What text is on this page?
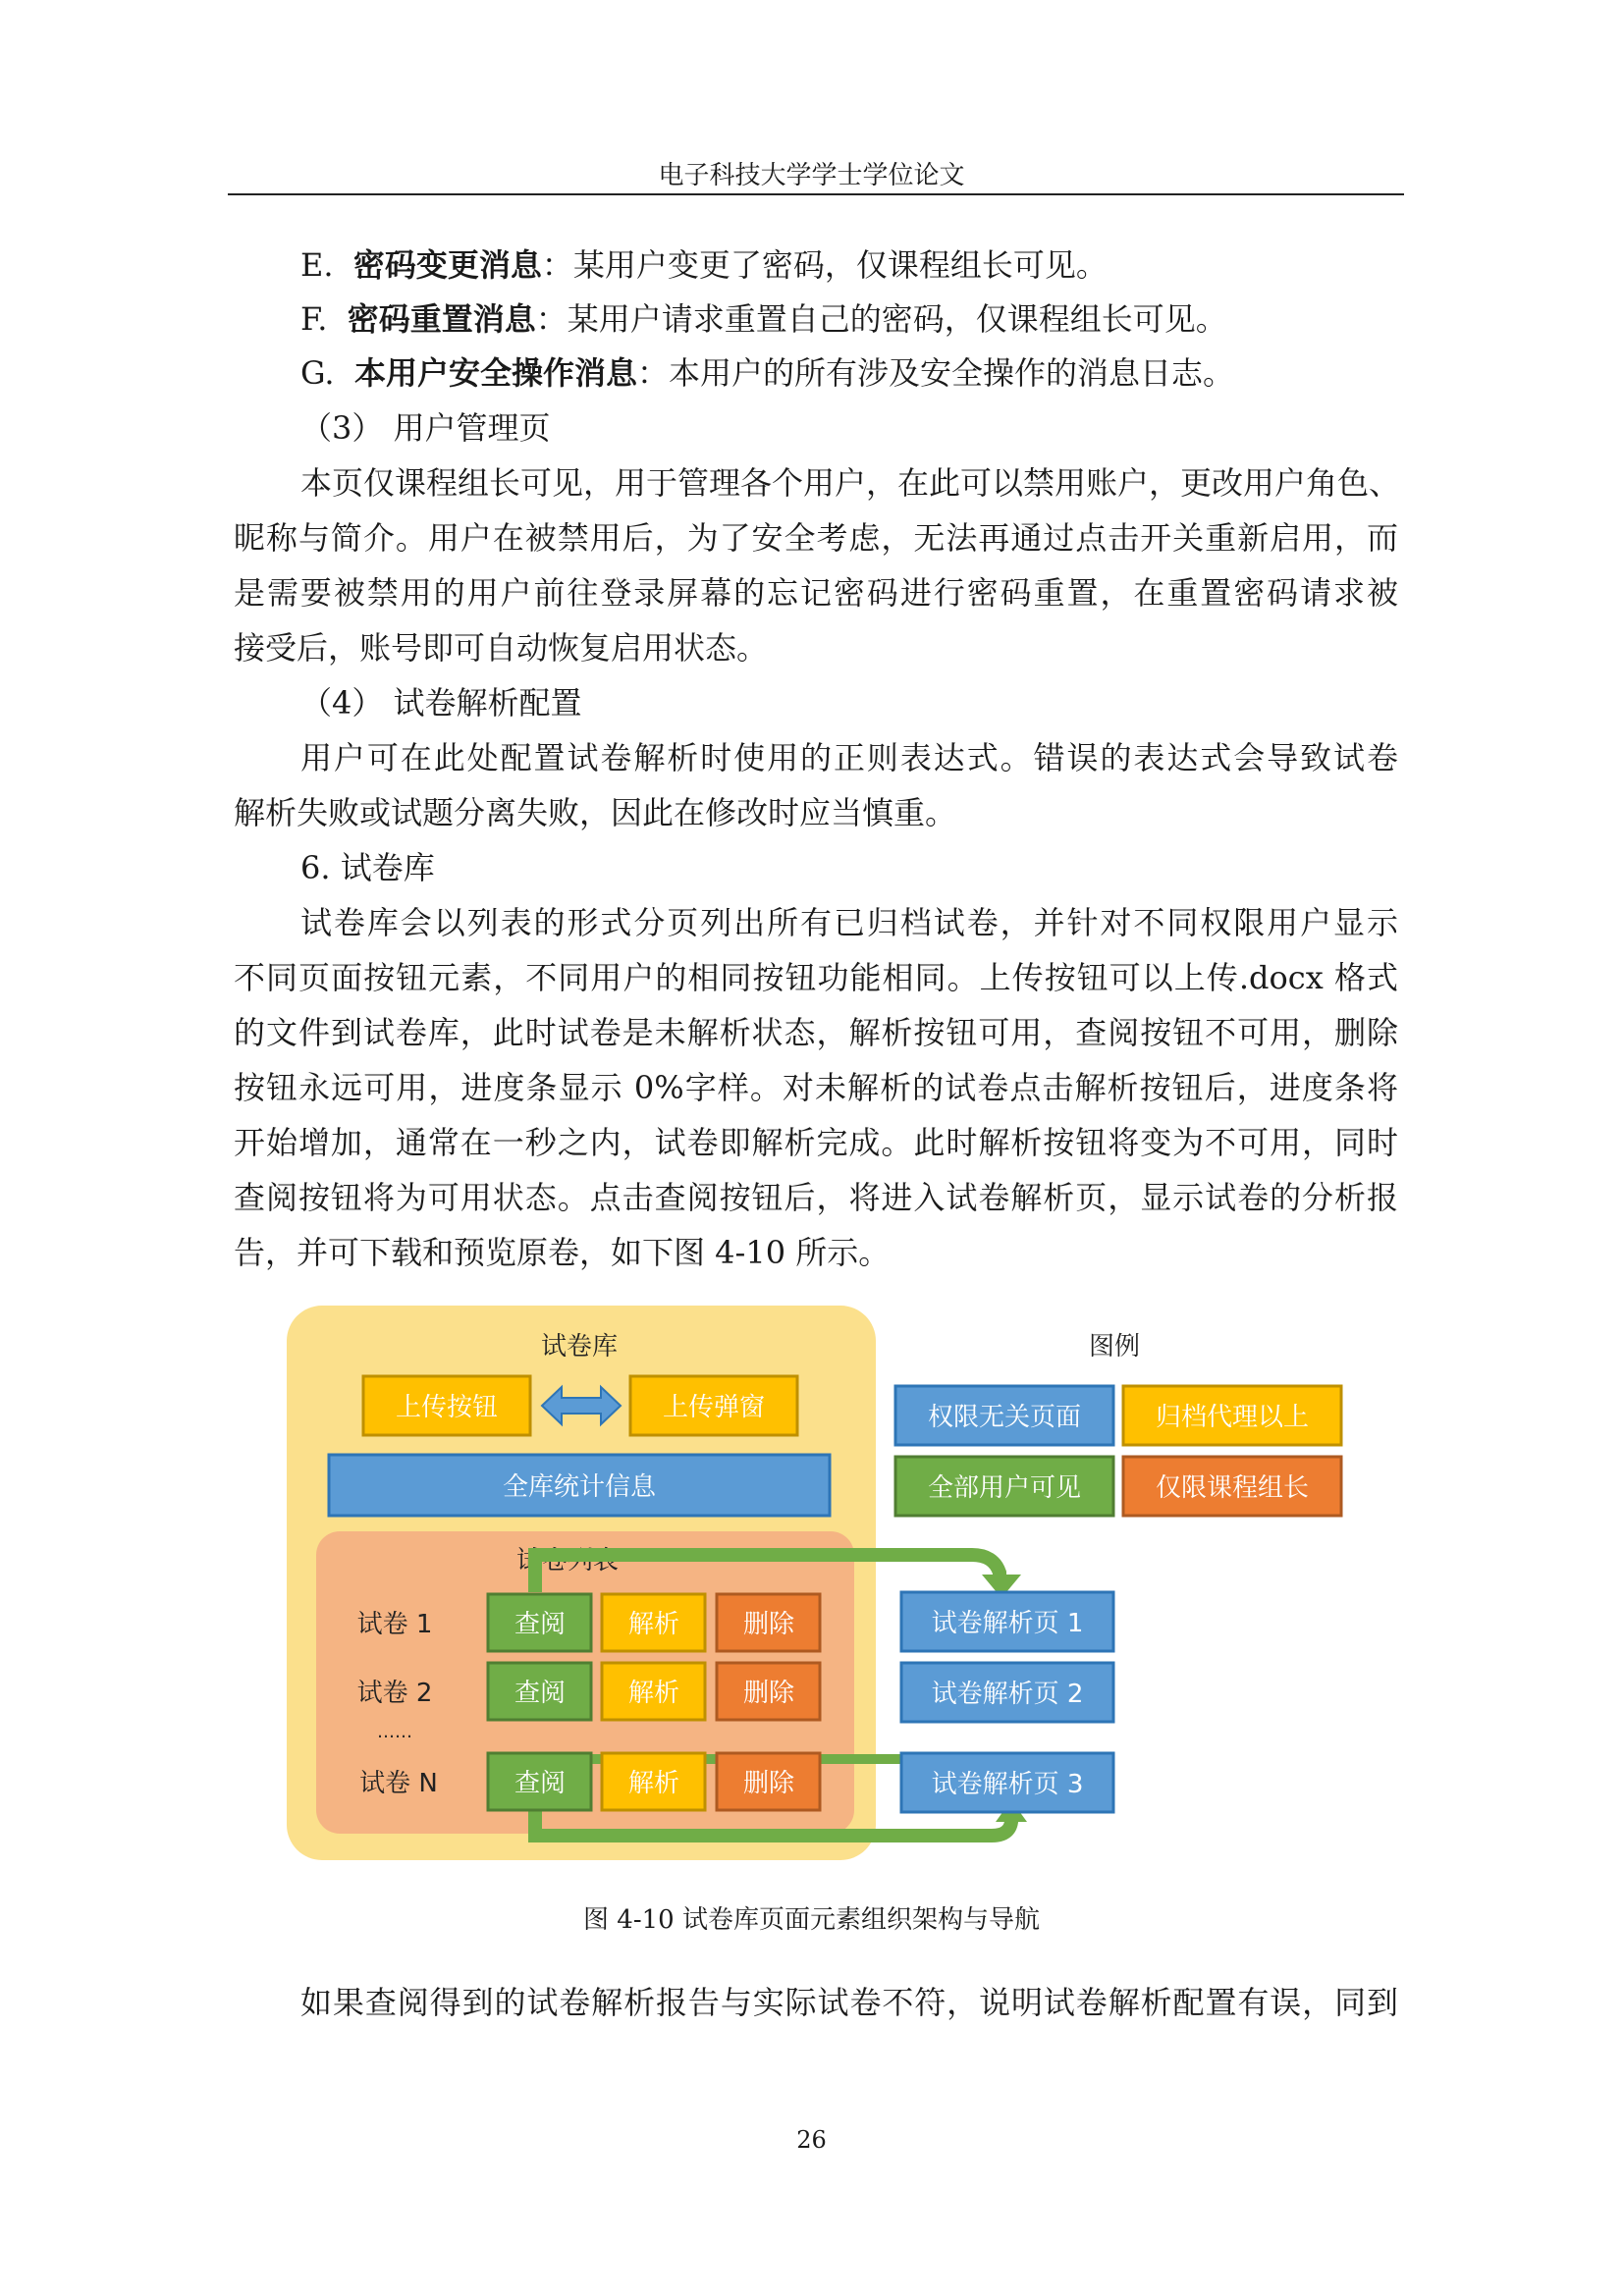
电子科技大学学士学位论文
E. 密码变更消息：某用户变更了密码，仅课程组长可见。
F. 密码重置消息：某用户请求重置自己的密码，仅课程组长可见。
G. 本用户安全操作消息：本用户的所有涉及安全操作的消息日志。
（3） 用户管理页
本页仅课程组长可见，用于管理各个用户，在此可以禁用账户，更改用户角色、
昵称与简介。用户在被禁用后，为了安全考虑，无法再通过点击开关重新启用，而
是需要被禁用的用户前往登录屏幕的忘记密码进行密码重置，在重置密码请求被
接受后，账号即可自动恢复启用状态。
（4） 试卷解析配置
用户可在此处配置试卷解析时使用的正则表达式。错误的表达式会导致试卷
解析失败或试题分离失败，因此在修改时应当慎重。
6. 试卷库
试卷库会以列表的形式分页列出所有已归档试卷，并针对不同权限用户显示
不同页面按钮元素，不同用户的相同按钮功能相同。上传按钮可以上传.docx 格式
的文件到试卷库，此时试卷是未解析状态，解析按钮可用，查阅按钮不可用，删除
按钮永远可用，进度条显示 0%字样。对未解析的试卷点击解析按钮后，进度条将
开始增加，通常在一秒之内，试卷即解析完成。此时解析按钮将变为不可用，同时
查阅按钮将为可用状态。点击查阅按钮后，将进入试卷解析页，显示试卷的分析报
告，并可下载和预览原卷，如下图 4-10 所示。
试卷库
上传按钮	上传弹窗
全库统计信息
试卷列表
试卷 1	查阅 解析 删除
试卷 2	查阅 解析 删除
……
试卷 N	查阅 解析 删除
图例
权限无关页面	归档代理以上
全部用户可见	仅限课程组长
试卷解析页 1
试卷解析页 2
试卷解析页 3
图 4-10 试卷库页面元素组织架构与导航
如果查阅得到的试卷解析报告与实际试卷不符，说明试卷解析配置有误，同到
26
